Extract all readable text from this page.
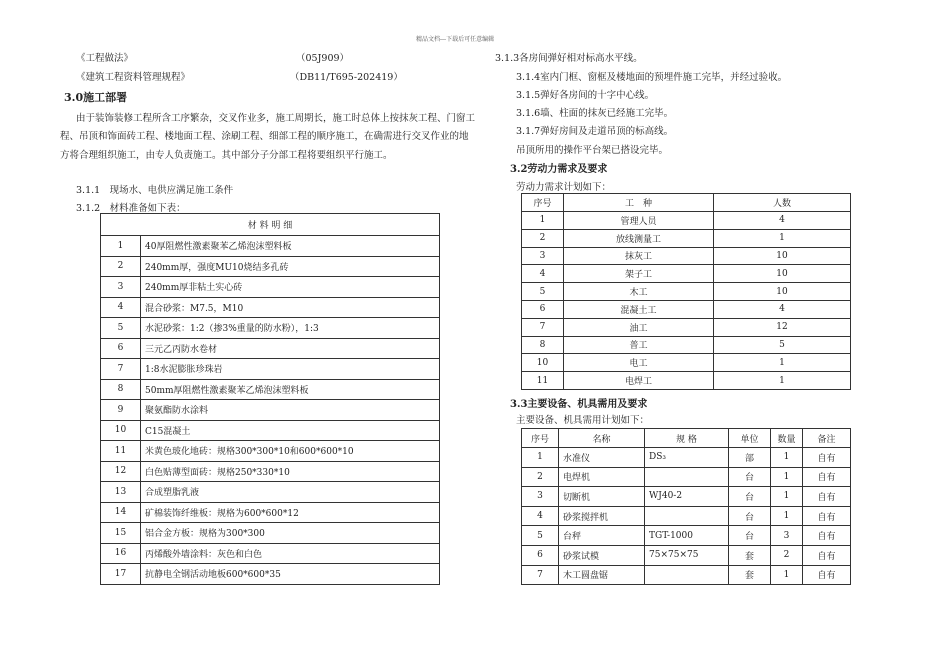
精品文档---下载后可任意编辑
《工程做法》	（05J909）
《建筑工程资料管理规程》	（DB11/T695-202419）
3.0施工部署
由于装饰装修工程所含工序繁杂，交叉作业多，施工周期长，施工时总体上按抹灰工程、门窗工
程、吊顶和饰面砖工程、楼地面工程、涂刷工程、细部工程的顺序施工，在确需进行交叉作业的地
方将合理组织施工，由专人负责施工。其中部分子分部工程将要组织平行施工。
3.1.1　现场水、电供应满足施工条件
3.1.2　材料准备如下表：
材 料 明 细	
1	40厚阻燃性激素聚苯乙烯泡沫塑料板
2	240mm厚，强度MU10烧结多孔砖
3	240mm厚非粘土实心砖
4	混合砂浆：M7.5，M10
5	水泥砂浆：1:2（掺3%重量的防水粉），1:3
6	三元乙丙防水卷材
7	1:8水泥膨胀珍珠岩
8	50mm厚阻燃性激素聚苯乙烯泡沫塑料板
9	聚氨酯防水涂料
10	C15混凝土
11	米黄色玻化地砖：规格300*300*10和600*600*10
12	白色贴薄型面砖：规格250*330*10
13	合成塑脂乳液
14	矿棉装饰纤维板：规格为600*600*12
15	铝合金方板：规格为300*300
16	丙烯酸外墙涂料：灰色和白色
17	抗静电全钢活动地板600*600*35
3.1.3各房间弹好相对标高水平线。
3.1.4室内门框、窗框及楼地面的预埋件施工完毕，并经过验收。
3.1.5弹好各房间的十字中心线。
3.1.6墙、柱面的抹灰已经施工完毕。
3.1.7弹好房间及走道吊顶的标高线。
吊顶所用的操作平台架已搭设完毕。
3.2劳动力需求及要求
劳动力需求计划如下：
序号	工　种	人数
1	管理人员	4
2	放线测量工	1
3	抹灰工	10
4	架子工	10
5	木工	10
6	混凝土工	4
7	油工	12
8	普工	5
10	电工	1
11	电焊工	1
3.3主要设备、机具需用及要求
主要设备、机具需用计划如下：
序号	名称	规 格	单位	数量	备注
1	水准仪	DS₃	部	1	自有
2	电焊机		台	1	自有
3	切断机	WJ40-2	台	1	自有
4	砂浆搅拌机		台	1	自有
5	台秤	TGT-1000	台	3	自有
6	砂浆试模	75×75×75	套	2	自有
7	木工圆盘锯		套	1	自有
